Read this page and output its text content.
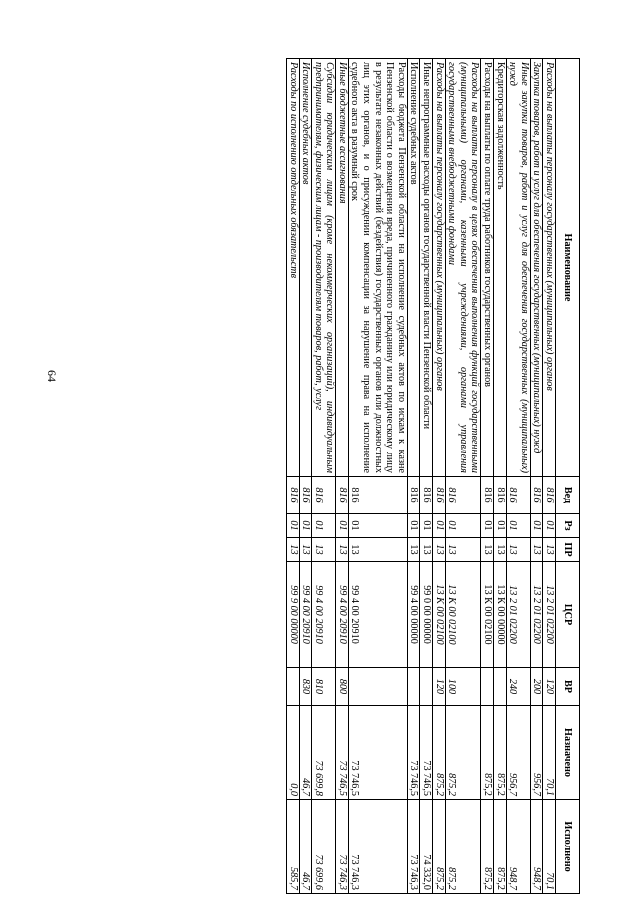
64
Наименование	Вед	Рз	ПР	ЦСР	ВР	Назначено	Исполнено
Расходы на выплаты персоналу государственных (муниципальных) органов	816	01	13	13 2 01 02200	120	70,1	70,1
Закупка товаров, работ и услуг для обеспечения государственных (муниципальных) нужд	816	01	13	13 2 01 02200	200	956,7	948,7
Иные закупки товаров, работ и услуг для обеспечения государственных (муниципальных) нужд	816	01	13	13 2 01 02200	240	956,7	948,7
Кредиторская задолженность	816	01	13	13 К 00 00000		875,2	875,2
Расходы на выплаты по оплате труда работников государственных органов	816	01	13	13 К 00 02100		875,2	875,2
Расходы на выплаты персоналу в целях обеспечения выполнения функций государственными (муниципальными) органами, казенными учреждениями, органами управления государственными внебюджетными фондами	816	01	13	13 К 00 02100	100	875,2	875,2
Расходы на выплаты персоналу государственных (муниципальных) органов	816	01	13	13 К 00 02100	120	875,2	875,2
Иные непрограммные расходы органов государственной власти Пензенской области	816	01	13	99 0 00 00000		73 746,5	74 332,0
Исполнение судебных актов	816	01	13	99 4 00 00000		73 746,5	73 746,3
Расходы бюджета Пензенской области на исполнение судебных актов по искам к казне Пензенской области о возмещении вреда, причиненного гражданину или юридическому лицу в результате незаконных действий (бездействия) государственных органов или должностных лиц этих органов, и о присуждении компенсации за нарушение права на исполнение судебного акта в разумный срок	816	01	13	99 4 00 20910		73 746,5	73 746,3
Иные бюджетные ассигнования	816	01	13	99 4 00 20910	800	73 746,5	73 746,3
Субсидии юридическим лицам (кроме некоммерческих организаций), индивидуальным предпринимателям, физическим лицам - производителям товаров, работ, услуг	816	01	13	99 4 00 20910	810	73 699,8	73 699,6
Исполнение судебных актов	816	01	13	99 4 00 20910	830	46,7	46,7
Расходы по исполнению отдельных обязательств	816	01	13	99 9 00 00000		0,0	585,7
